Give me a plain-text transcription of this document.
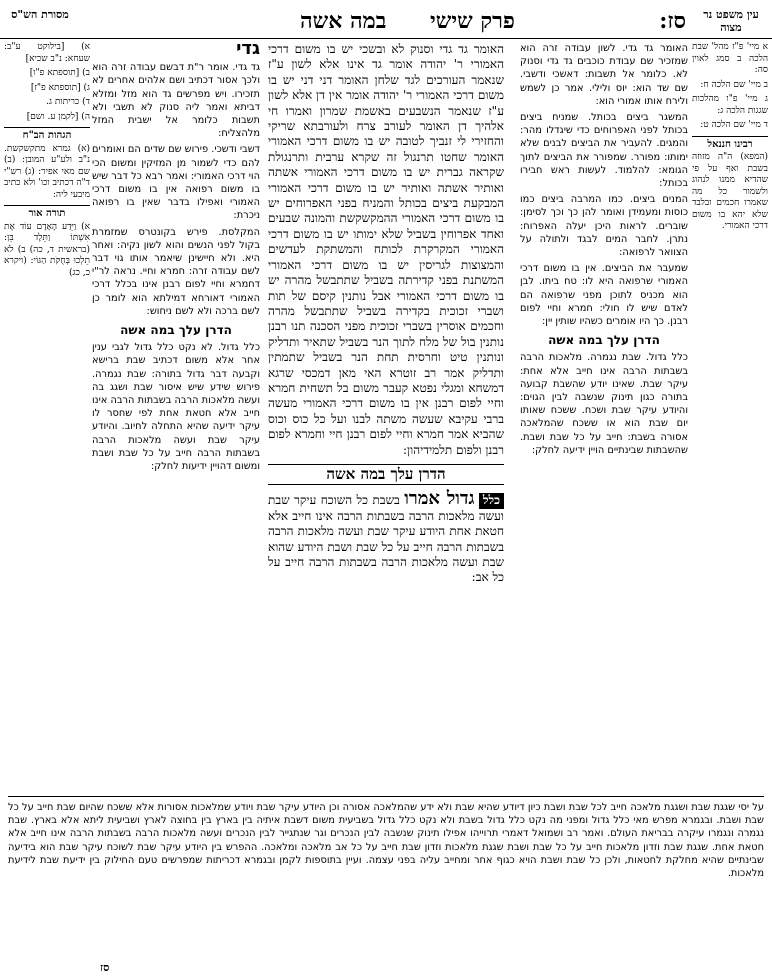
עין משפט נר מצוה
סז:
פרק שישי
במה אשה
מסורת הש"ס

א מיי' פ"ז מהל' שבת הלכה ב סמג לאוין סה:

ב מיי' שם הלכה ח:

ג מיי' פ"ו מהלכות שגגות הלכה ג:

ד מיי' שם הלכה ט:

רבינו חננאל

(המפא) ה"ה מזוזה בשבת ואף על פי שהדיא ממנו לנהוג ולשמור כל מה שאמרו חכמים ובלבד שלא יהא בו משום דרכי האמורי.

א) [בילוקט ע"ב: שעחא: נ"ב שכיא]

ב) [תוספתא פ"ו]

ג) [תוספתא פ"ז]

ד) כריתות ג.

ה) [לקמן ע. ושם]

הגהות הב"ח

(א) גמרא מתקשקשת. נ"ב ולע"ע המובן: (ב) שם מאי אפיר: (ג) רש"י ד"ה דכתיב וכו' ולא כתיב מיבעי ליה:

תורה אור

א) וַיֵּדַע הָאָדָם עוֹד אֶת אִשְׁתּוֹ וַתֵּלֶד בֵּן: (בראשית ד, כה) ב) לֹא תֵלְכוּ בְּחֻקֹּת הַגּוֹי: (ויקרא כ, כג)

האומר גד גדי. לשון עבודה זרה הוא שמזכיר שם עבודת כוכבים גד גדי וסנוק לא. כלומר אל תשבות: דאשכי ודשבי. שם שד הוא: יוס ולילי. אמר כן לשמש ולירח אותו אמורי הוא:

המשגר ביצים בכותל. שמניח ביצים בכותל לפני האפרוחים כדי שיגדלו מהר: והמגים. להעביר את הביצים לבנים שלא ימותו: מפורר. שמפורר את הביצים לתוך הגומא: להלמוד. לעשות ראש חבירו בכותל:

המנים ביצים. כמו המרבה ביצים כמו כוסות ומעמידן ואומר להן כך וכך לסימן: שוברים. לראות היכן יעלה האפרוח: נתרן. לחבר המים לבגד ולתולה על הצוואר לרפואה:

שמעבר את הביצים. אין בו משום דרכי האמורי שרפואה היא לו: טח ביתו. לבן הוא מכניס לתוכן מפני שרפואה הם לאדם שיש לו חולי: חמרא וחיי לפום רבנן. כך היו אומרים כשהיו שותין יין:

הדרן עלך במה אשה

כלל גדול. שבת נגמרה. מלאכות הרבה בשבתות הרבה אינו חייב אלא אחת: עיקר שבת. שאינו יודע שהשבת קבועה בתורה כגון תינוק שנשבה לבין הגוים: והיודע עיקר שבת ושכח. ששכח שאותו יום שבת הוא או ששכח שהמלאכה אסורה בשבת: חייב על כל שבת ושבת. שהשבתות שבינתיים הויין ידיעה לחלק:

האומר גד גדי וסנוק לא ובשכי יש בו משום דרכי האמורי ר' יהודה אומר גד אינו אלא לשון ע"ז שנאמר העורכים לגד שלחן האומר דני דני יש בו משום דרכי האמורי ר' יהודה אומר אין דן אלא לשון ע"ז שנאמר הנשבעים באשמת שמרון ואמרו חי אלהיך דן האומר לעורב צרח ולעורבתא שריקי והחזירי לי זנביך לטובה יש בו משום דרכי האמורי האומר שחטו תרנגול זה שקרא ערבית ותרנגולת שקראה גברית יש בו משום דרכי האמורי אשתה ואותיר אשתה ואותיר יש בו משום דרכי האמורי המבקעת ביצים בכותל והמניח בפני האפרוחים יש בו משום דרכי האמורי ההמקשקשת והמונה שבעים ואחד אפרוחין בשביל שלא ימותו יש בו משום דרכי האמורי המקרקרת לכותח והמשתקת לעדשים והמצוצות לגריסין יש בו משום דרכי האמורי המשתנת בפני קדירתה בשביל שתתבשל מהרה יש בו משום דרכי האמורי אבל נותנין קיסם של תות ושברי זכוכית בקדירה בשביל שתתבשל מהרה וחכמים אוסרין בשברי זכוכית מפני הסכנה תנו רבנן נותנין בול של מלח לתוך הנר בשביל שתאיר ותדליק ונותנין טיט וחרסית תחת הנר בשביל שתמתין ותדליק אמר רב זוטרא האי מאן דמכסי שרגא דמשחא ומגלי נפטא קעבר משום בל תשחית חמרא וחיי לפום רבנן אין בו משום דרכי האמורי מעשה ברבי עקיבא שעשה משתה לבנו ועל כל כוס וכוס שהביא אמר חמרא וחיי לפום רבנן חיי וחמרא לפום רבנן ולפום תלמידיהון:

הדרן עלך במה אשה

כלל גדול אמרו בשבת כל השוכח עיקר שבת ועשה מלאכות הרבה בשבתות הרבה אינו חייב אלא חטאת אחת היודע עיקר שבת ועשה מלאכות הרבה בשבתות הרבה חייב על כל שבת ושבת היודע שהוא שבת ועשה מלאכות הרבה בשבתות הרבה חייב על כל אב:

גדי

גד גדי. אומר ר"ת דבשם עבודה זרה הוא ולכך אסור דכתיב ושם אלהים אחרים לא תזכירו. ויש מפרשים גד הוא מזל ומזלא דביתא ואמר ליה סנוק לא תשבי ולא תשבות כלומר אל ישבית המזל מלהצליח:

דשבי ודשכי. פירוש שם שדים הם ואומרים להם כדי לשמור מן המזיקין ומשום הכי הוי דרכי האמורי: ואמר רבא כל דבר שיש בו משום רפואה אין בו משום דרכי האמורי ואפילו בדבר שאין בו רפואה ניכרת:

המקלסת. פירש בקונטרס שמזמרת בקול לפני הנשים והוא לשון נקיה: ואחר היא. ולא חיישינן שיאמר אותו גוי דבר לשם עבודה זרה: חמרא וחיי. נראה לר"י דחמרא וחיי לפום רבנן אינו בכלל דרכי האמורי דאורחא דמילתא הוא לומר כן לשם ברכה ולא לשם ניחוש:

הדרן עלך במה אשה

כלל גדול. לא נקט כלל גדול לגבי ענין אחר אלא משום דכתיב שבת ברישא וקבעה דבר גדול בתורה: שבת נגמרה. פירוש שידע שיש איסור שבת ושגג בה ועשה מלאכות הרבה בשבתות הרבה אינו חייב אלא חטאת אחת לפי שחסר לו עיקר ידיעה שהיא התחלה לחיוב. והיודע עיקר שבת ועשה מלאכות הרבה בשבתות הרבה חייב על כל שבת ושבת ומשום דהויין ידיעות לחלק:

על יסי שגגת שבת ושגגת מלאכה חייב לכל שבת ושבת כיון דיודע שהיא שבת ולא ידע שהמלאכה אסורה וכן היודע עיקר שבת ויודע שמלאכות אסורות אלא ששכח שהיום שבת חייב על כל שבת ושבת. ובגמרא מפרש מאי כלל גדול ומפני מה נקט כלל גדול בשבת ולא נקט כלל גדול בשביעית משום דשבת איתיה בין בארץ בין בחוצה לארץ ושביעית ליתא אלא בארץ. שבת נגמרה ונגמרו עיקרה בבריאת העולם. ואמר רב ושמואל דאמרי תרוייהו אפילו תינוק שנשבה לבין הנכרים וגר שנתגייר לבין הנכרים ועשה מלאכות הרבה בשבתות הרבה אינו חייב אלא חטאת אחת. שגגת שבת וזדון מלאכות חייב על כל שבת ושבת שגגת מלאכות וזדון שבת חייב על כל אב מלאכה ומלאכה. ההפרש בין היודע עיקר שבת לשוכח עיקר שבת הוא בידיעה שבינתיים שהיא מחלקת לחטאות, ולכן כל שבת ושבת הויא כגוף אחר ומחייב עליה בפני עצמה. ועיין בתוספות לקמן ובגמרא דכריתות שמפרשים טעם החילוק בין ידיעת שבת לידיעת מלאכות.

סז
